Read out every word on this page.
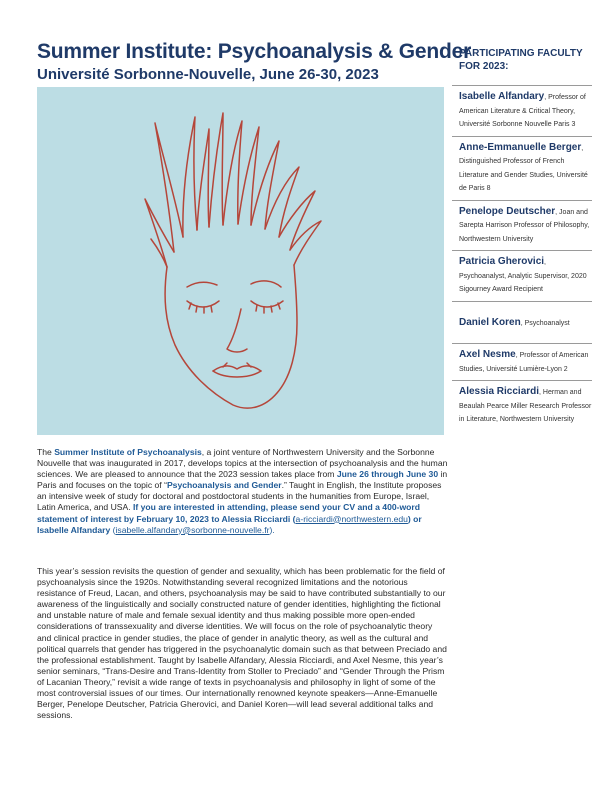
Summer Institute: Psychoanalysis & Gender
Université Sorbonne-Nouvelle, June 26-30, 2023
The Summer Institute of Psychoanalysis, a joint venture of Northwestern University and the Sorbonne Nouvelle that was inaugurated in 2017, develops topics at the intersection of psychoanalysis and the human sciences. We are pleased to announce that the 2023 session takes place from June 26 through June 30 in Paris and focuses on the topic of “Psychoanalysis and Gender.” Taught in English, the Institute proposes an intensive week of study for doctoral and postdoctoral students in the humanities from Europe, Israel, Latin America, and USA. If you are interested in attending, please send your CV and a 400-word statement of interest by February 10, 2023 to Alessia Ricciardi (a-ricciardi@northwestern.edu) or Isabelle Alfandary (isabelle.alfandary@sorbonne-nouvelle.fr).

This year’s session revisits the question of gender and sexuality, which has been problematic for the field of psychoanalysis since the 1920s. Notwithstanding several recognized limitations and the notorious resistance of Freud, Lacan, and others, psychoanalysis may be said to have contributed substantially to our awareness of the linguistically and socially constructed nature of gender identities, highlighting the fictional and unstable nature of male and female sexual identity and thus making possible more open-ended considerations of transsexuality and diverse identities. We will focus on the role of psychoanalytic theory and clinical practice in gender studies, the place of gender in analytic theory, as well as the cultural and political quarrels that gender has triggered in the psychoanalytic domain such as that between Preciado and the professional establishment. Taught by Isabelle Alfandary, Alessia Ricciardi, and Axel Nesme, this year’s senior seminars, “Trans-Desire and Trans-Identity from Stoller to Preciado” and “Gender Through the Prism of Lacanian Theory,” revisit a wide range of texts in psychoanalysis and philosophy in light of some of the most controversial issues of our times. Our internationally renowned keynote speakers—Anne-Emanuelle Berger, Penelope Deutscher, Patricia Gherovici, and Daniel Koren—will lead several additional talks and sessions.

PARTICIPATING FACULTY FOR 2023:
Isabelle Alfandary, Professor of American Literature & Critical Theory, Université Sorbonne Nouvelle Paris 3
Anne-Emmanuelle Berger, Distinguished Professor of French Literature and Gender Studies, Université de Paris 8
Penelope Deutscher, Joan and Sarepta Harrison Professor of Philosophy, Northwestern University
Patricia Gherovici, Psychoanalyst, Analytic Supervisor, 2020 Sigourney Award Recipient
Daniel Koren, Psychoanalyst
Axel Nesme, Professor of American Studies, Université Lumière-Lyon 2
Alessia Ricciardi, Herman and Beaulah Pearce Miller Research Professor in Literature, Northwestern University
